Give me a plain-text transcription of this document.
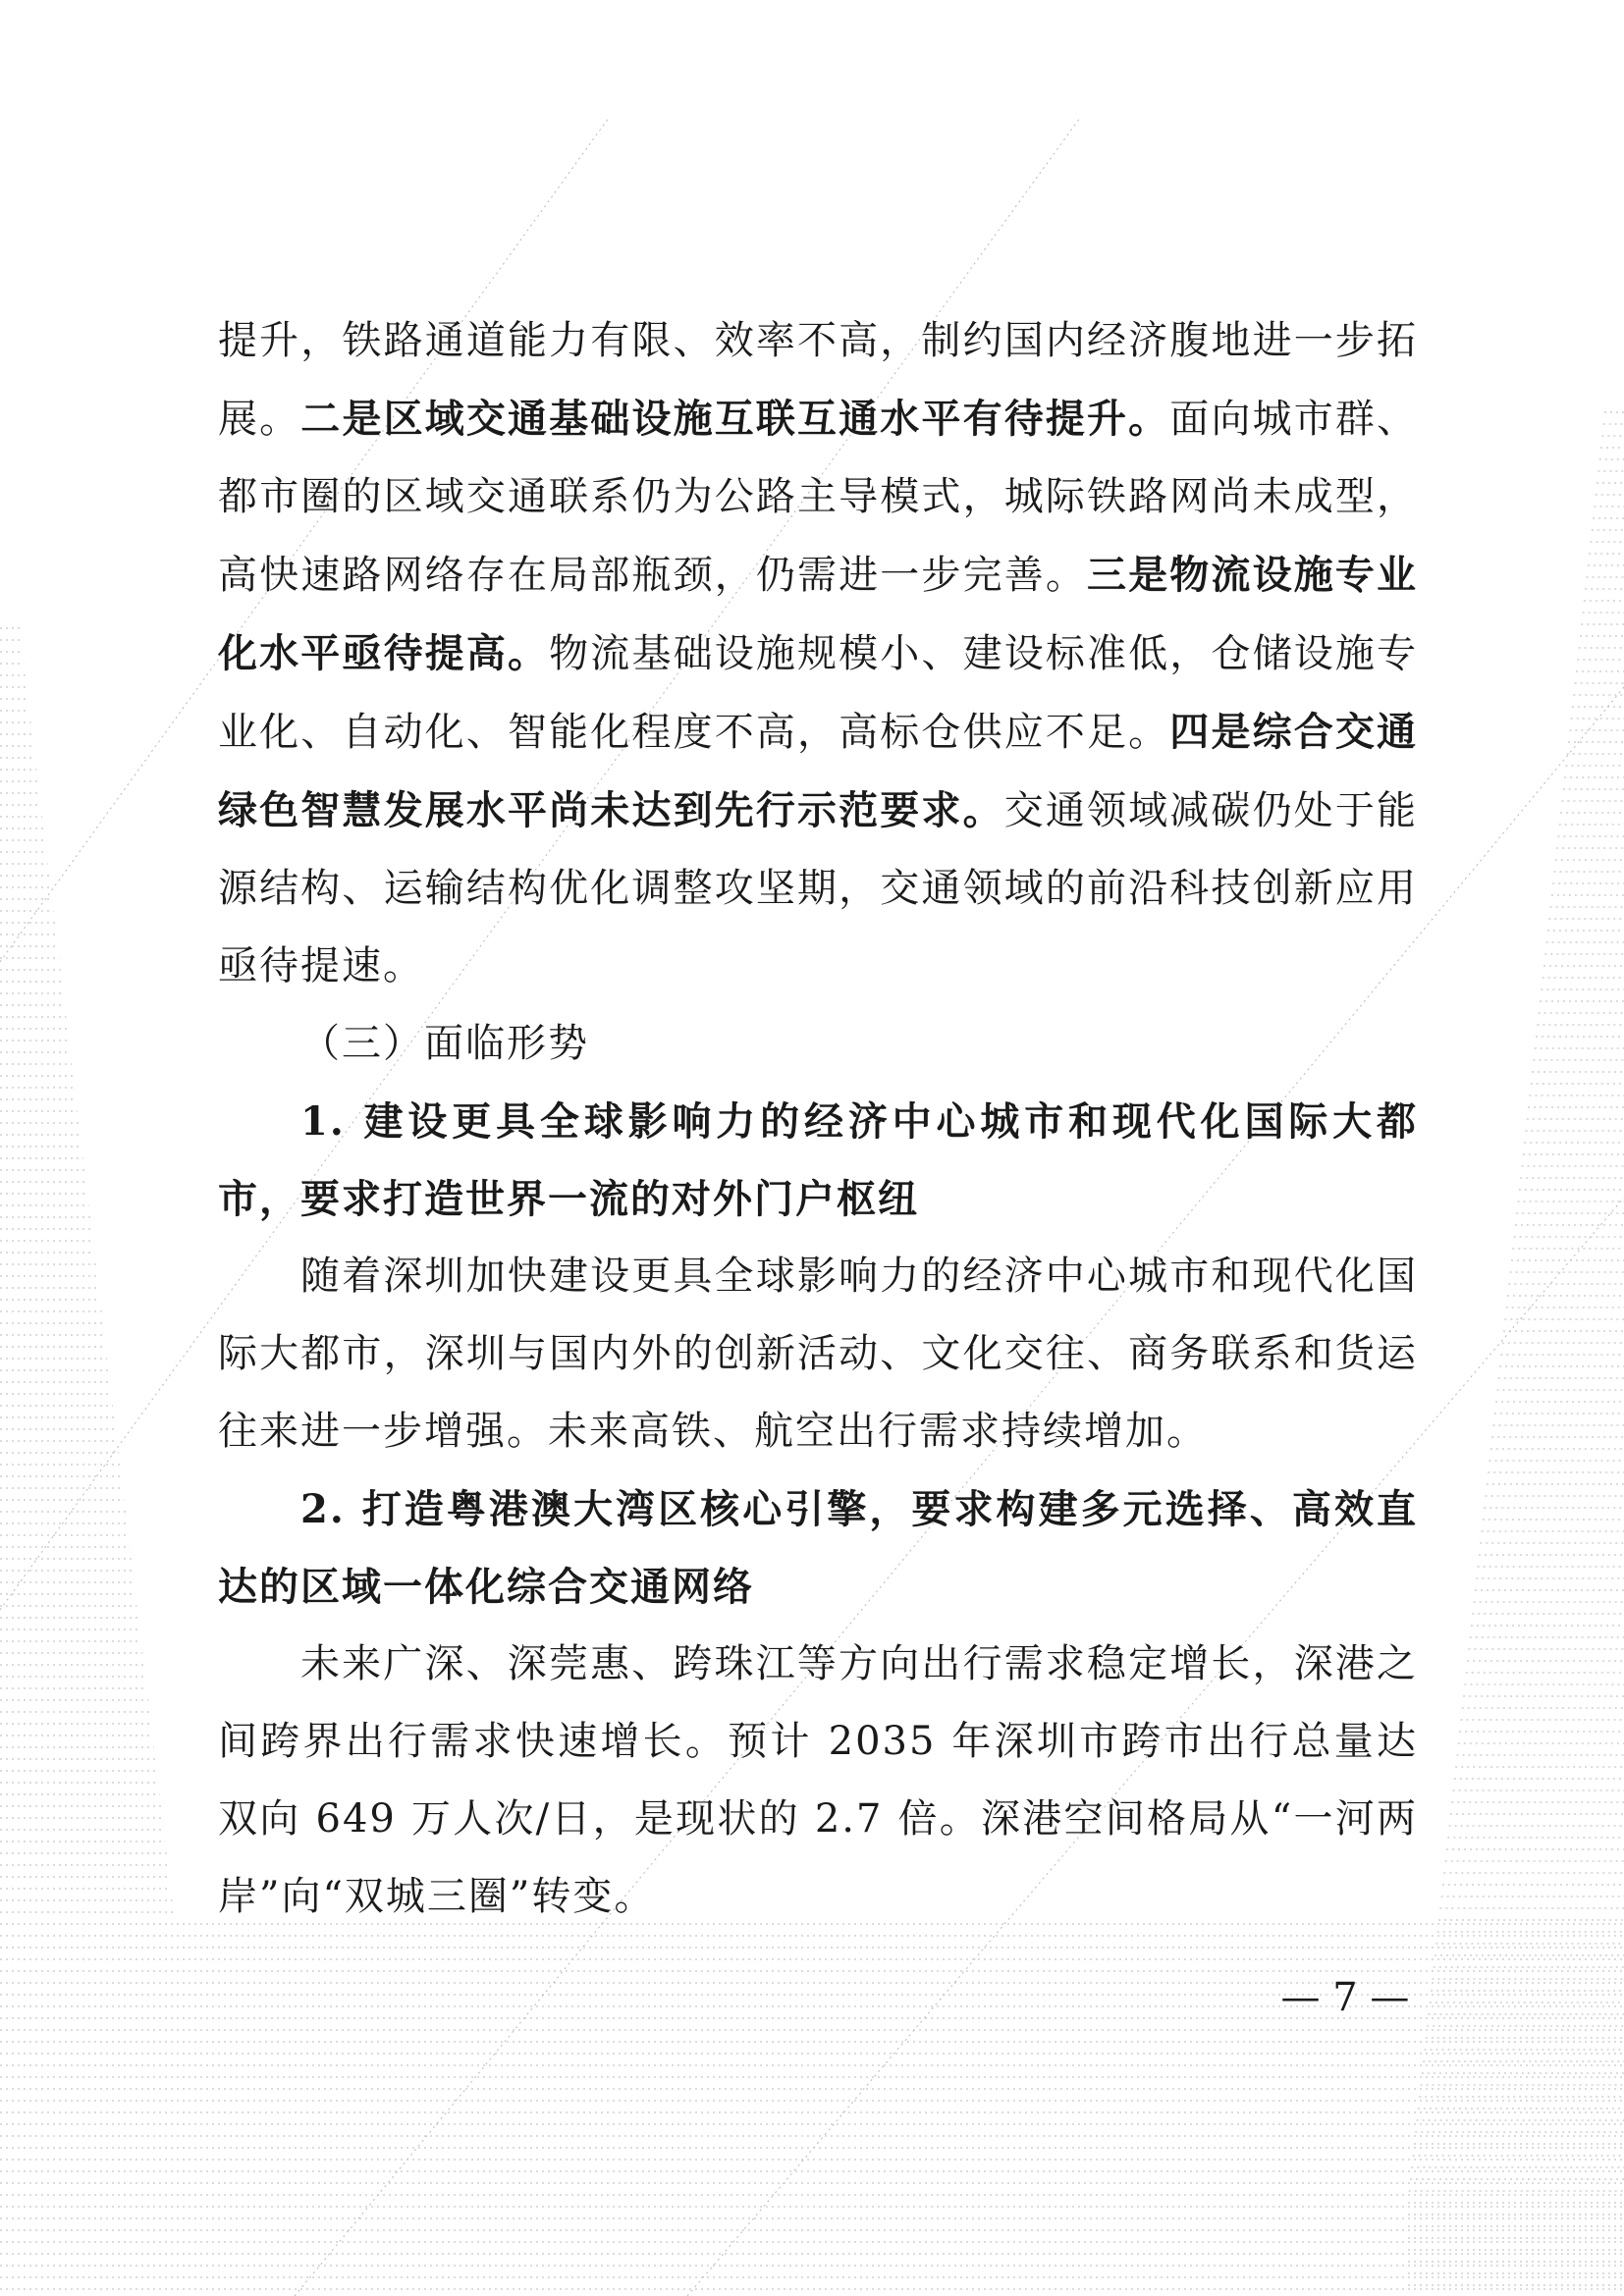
提升，铁路通道能力有限、效率不高，制约国内经济腹地进一步拓展。二是区域交通基础设施互联互通水平有待提升。面向城市群、都市圈的区域交通联系仍为公路主导模式，城际铁路网尚未成型，高快速路网络存在局部瓶颈，仍需进一步完善。三是物流设施专业化水平亟待提高。物流基础设施规模小、建设标准低，仓储设施专业化、自动化、智能化程度不高，高标仓供应不足。四是综合交通绿色智慧发展水平尚未达到先行示范要求。交通领域减碳仍处于能源结构、运输结构优化调整攻坚期，交通领域的前沿科技创新应用亟待提速。

（三）面临形势

1. 建设更具全球影响力的经济中心城市和现代化国际大都市，要求打造世界一流的对外门户枢纽

随着深圳加快建设更具全球影响力的经济中心城市和现代化国际大都市，深圳与国内外的创新活动、文化交往、商务联系和货运往来进一步增强。未来高铁、航空出行需求持续增加。

2. 打造粤港澳大湾区核心引擎，要求构建多元选择、高效直达的区域一体化综合交通网络

未来广深、深莞惠、跨珠江等方向出行需求稳定增长，深港之间跨界出行需求快速增长。预计 2035 年深圳市跨市出行总量达双向 649 万人次/日，是现状的 2.7 倍。深港空间格局从“一河两岸”向“双城三圈”转变。

— 7 —
